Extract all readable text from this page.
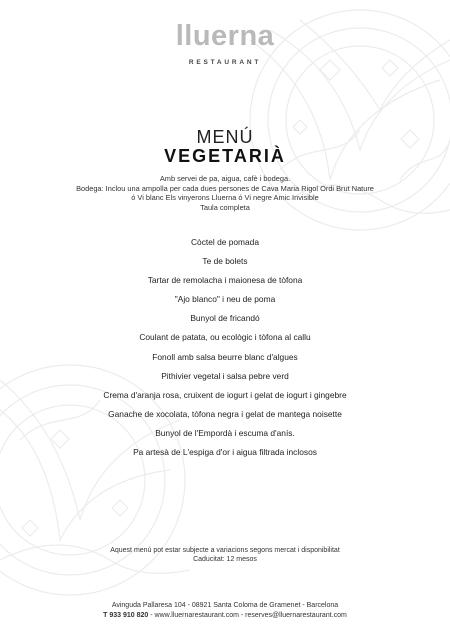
lluerna
RESTAURANT
MENÚ
VEGETARIÀ
Amb servei de pa, aigua, cafè i bodega.
Bodega: Inclou una ampolla per cada dues persones de Cava Maria Rigol Ordi Brut Nature
ó Vi blanc Els vinyerons Lluerna ó Vi negre Amic Invisible
Taula completa
Còctel de pomada
Te de bolets
Tartar de remolacha i maionesa de tòfona
"Ajo blanco" i neu de poma
Bunyol de fricandó
Coulant de patata, ou ecològic i tòfona al callu
Fonoll amb salsa beurre blanc d'algues
Pithivier vegetal i salsa pebre verd
Crema d'aranja rosa, cruixent de iogurt i gelat de iogurt i gingebre
Ganache de xocolata, tòfona negra i gelat de mantega noisette
Bunyol de l'Empordà i escuma d'anís.
Pa artesà de L'espiga d'or i aigua filtrada inclosos
Aquest menú pot estar subjecte a variacions segons mercat i disponibilitat
Caducitat: 12 mesos
Avinguda Pallaresa 104 - 08921 Santa Coloma de Gramenet - Barcelona
T 933 910 820 - www.lluernarestaurant.com - reserves@lluernarestaurant.com
